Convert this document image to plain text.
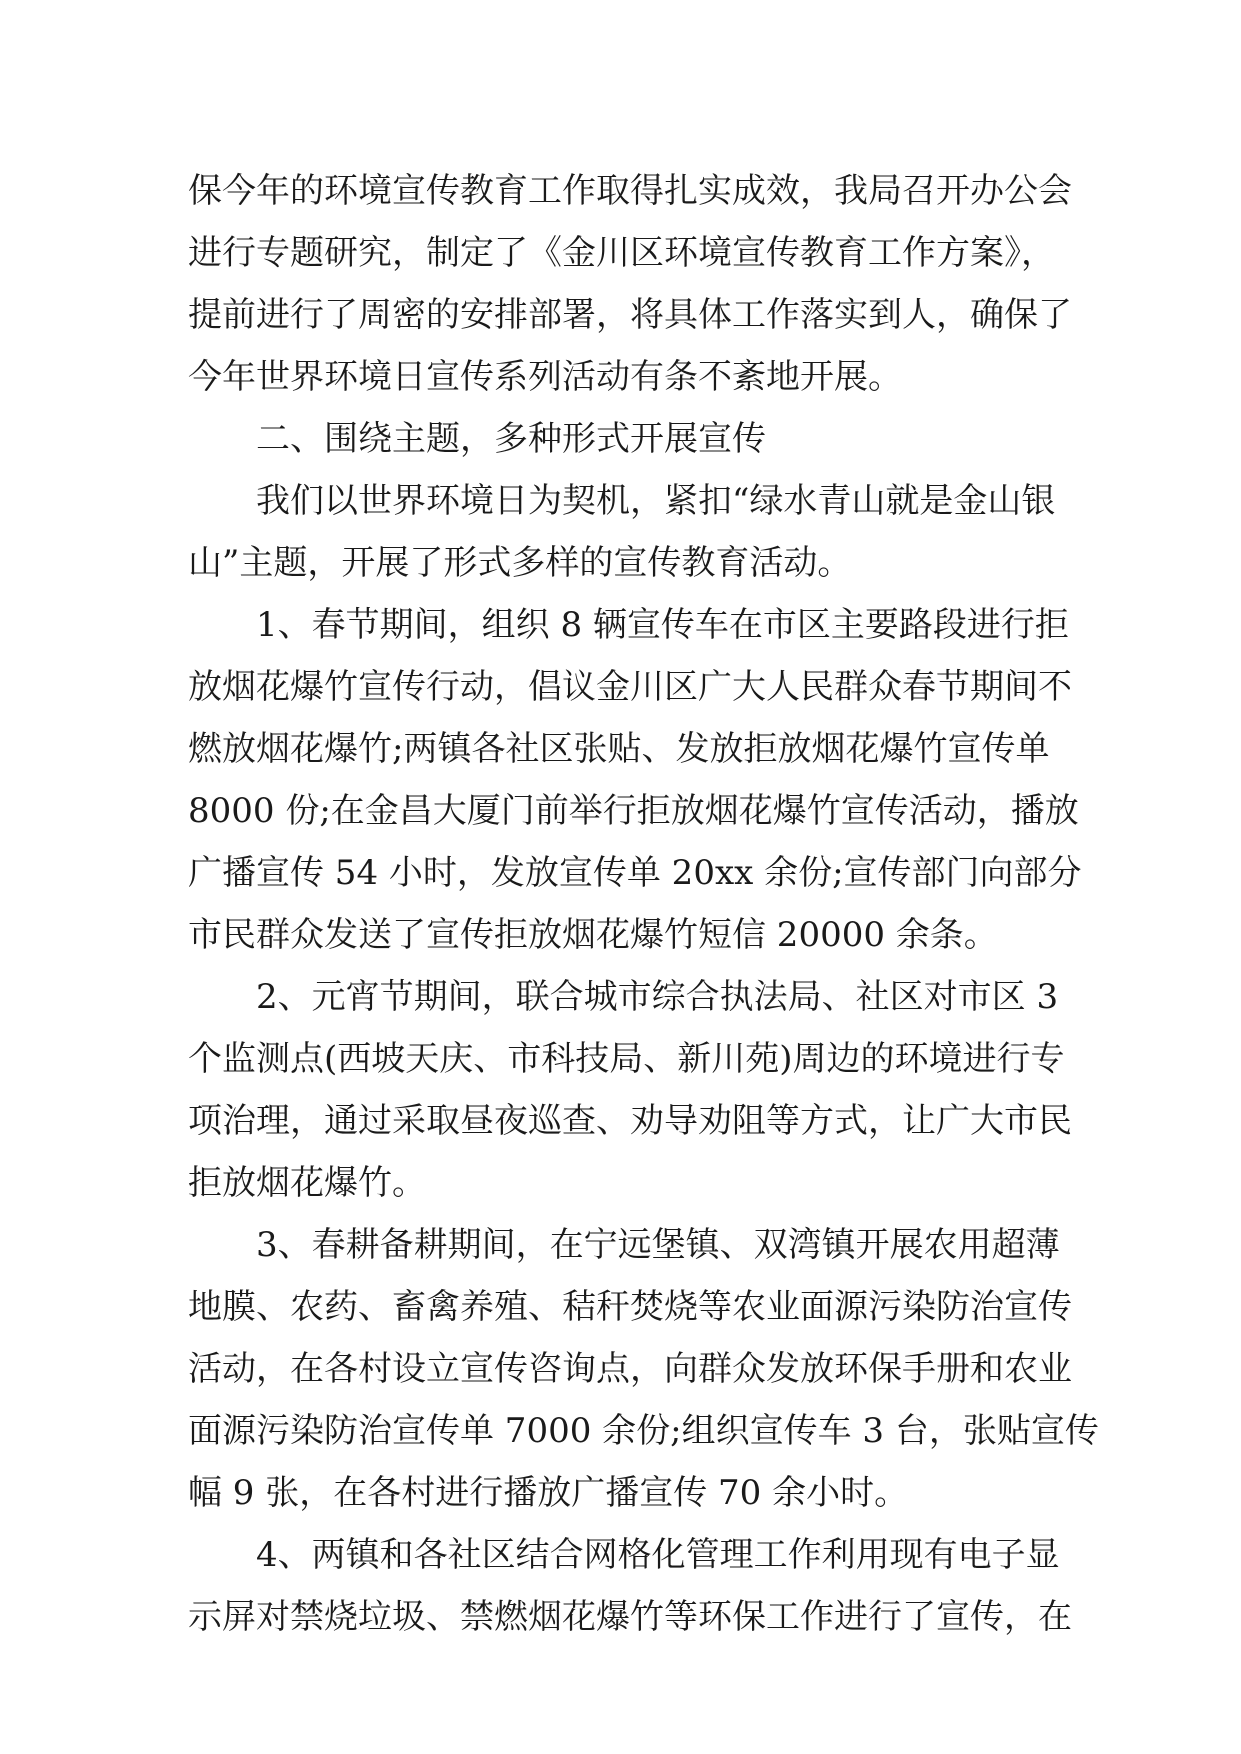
保今年的环境宣传教育工作取得扎实成效，我局召开办公会
进行专题研究，制定了《金川区环境宣传教育工作方案》，
提前进行了周密的安排部署，将具体工作落实到人，确保了
今年世界环境日宣传系列活动有条不紊地开展。
二、围绕主题，多种形式开展宣传
我们以世界环境日为契机，紧扣“绿水青山就是金山银
山”主题，开展了形式多样的宣传教育活动。
1、春节期间，组织 8 辆宣传车在市区主要路段进行拒
放烟花爆竹宣传行动，倡议金川区广大人民群众春节期间不
燃放烟花爆竹;两镇各社区张贴、发放拒放烟花爆竹宣传单
8000 份;在金昌大厦门前举行拒放烟花爆竹宣传活动，播放
广播宣传 54 小时，发放宣传单 20xx 余份;宣传部门向部分
市民群众发送了宣传拒放烟花爆竹短信 20000 余条。
2、元宵节期间，联合城市综合执法局、社区对市区 3
个监测点(西坡天庆、市科技局、新川苑)周边的环境进行专
项治理，通过采取昼夜巡查、劝导劝阻等方式，让广大市民
拒放烟花爆竹。
3、春耕备耕期间，在宁远堡镇、双湾镇开展农用超薄
地膜、农药、畜禽养殖、秸秆焚烧等农业面源污染防治宣传
活动，在各村设立宣传咨询点，向群众发放环保手册和农业
面源污染防治宣传单 7000 余份;组织宣传车 3 台，张贴宣传
幅 9 张，在各村进行播放广播宣传 70 余小时。
4、两镇和各社区结合网格化管理工作利用现有电子显
示屏对禁烧垃圾、禁燃烟花爆竹等环保工作进行了宣传，在
